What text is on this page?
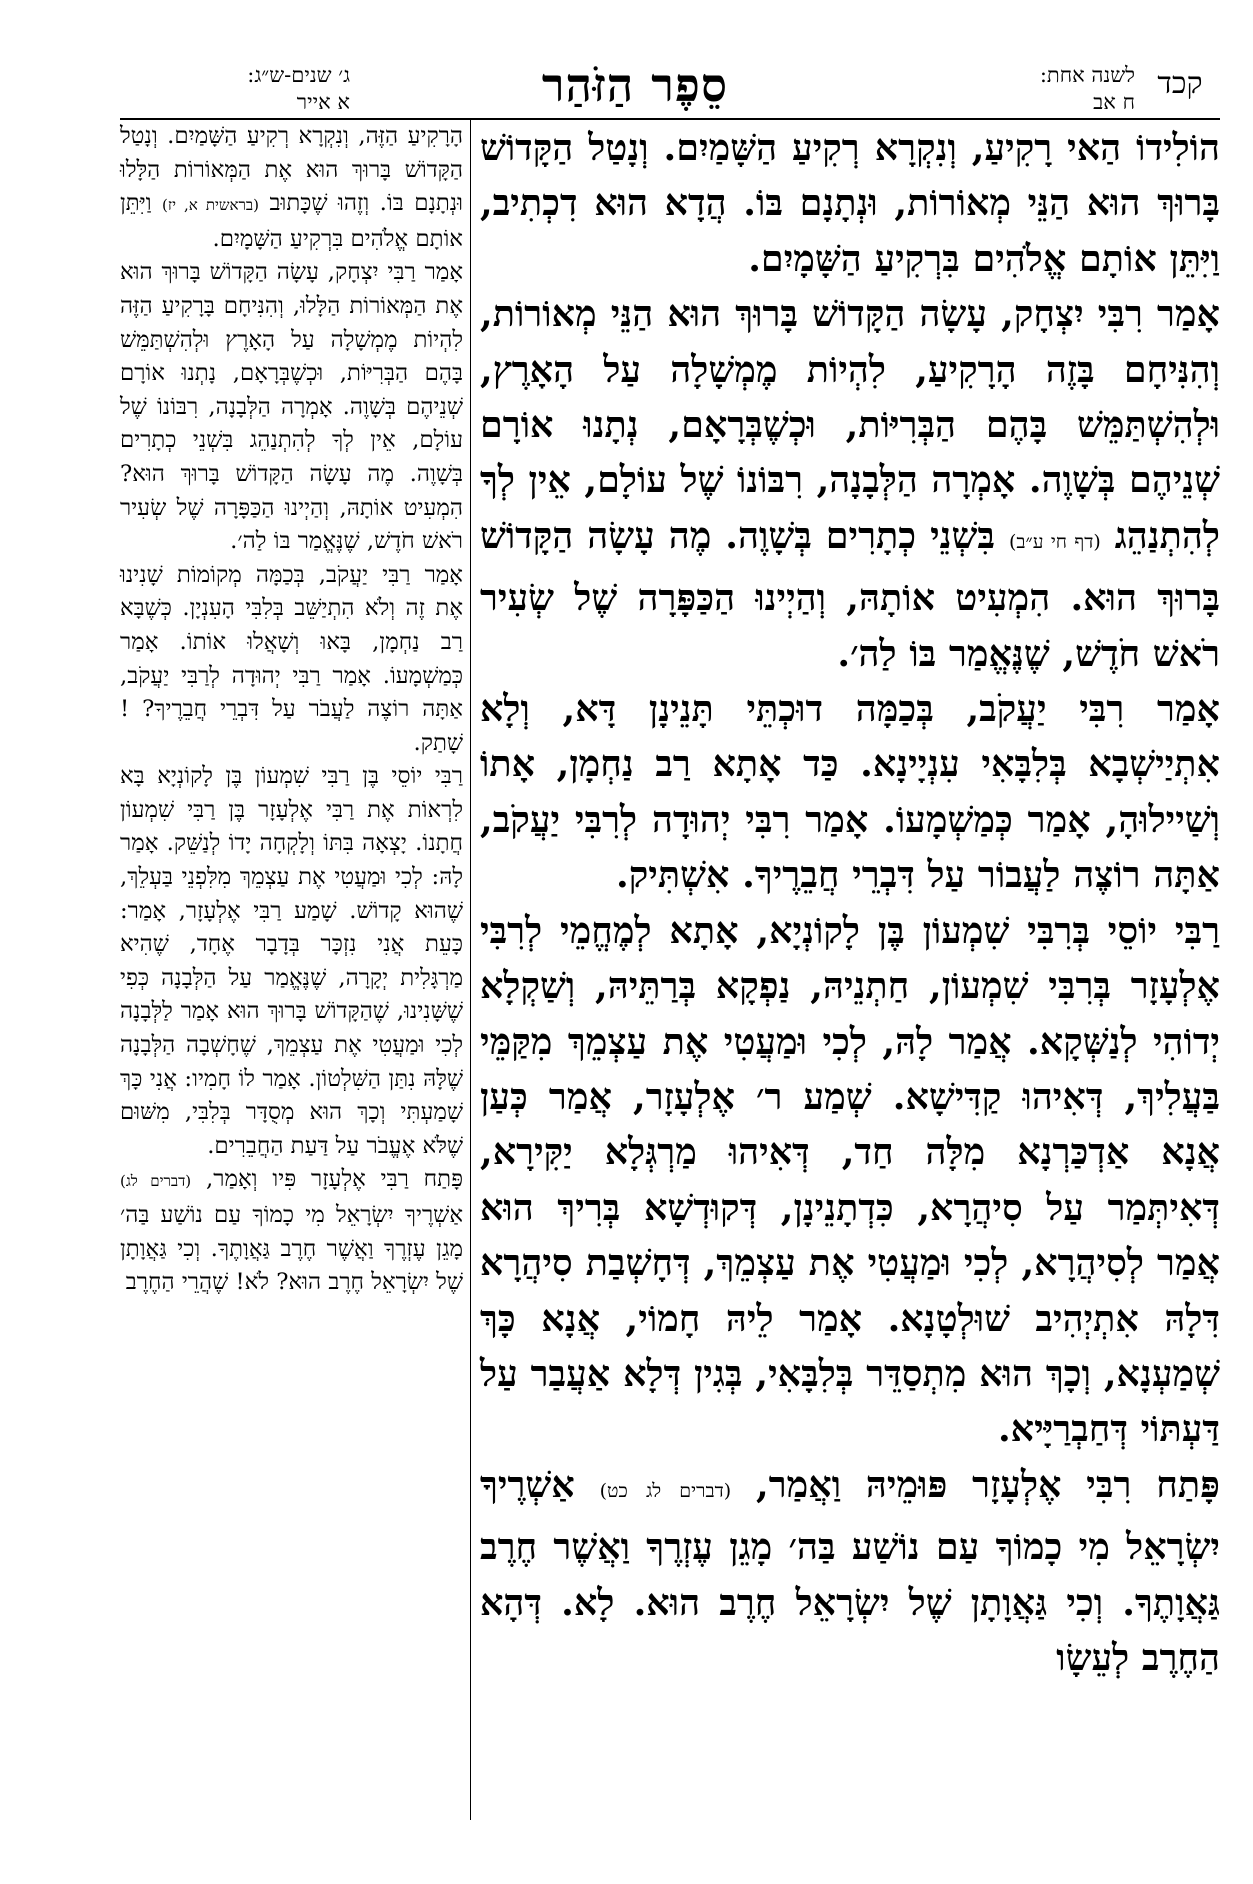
ג׳ שנים-ש״ג:
א אייר	סֵפֶר הַזֹּהַר	לשנה אחת:
ח אב
קכד

הוֹלִידוֹ הַאי רָקִיעַ, וְנִקְרָא רְקִיעַ הַשָּׁמַיִם. וְנָטַל הַקָּדוֹשׁ בָּרוּךְ הוּא הַנֵּי מְאוֹרוֹת, וּנְתָנָם בּוֹ. הֲדָא הוּא דִכְתִיב, וַיִּתֵּן אוֹתָם אֱלֹהִים בִּרְקִיעַ הַשָּׁמָיִם.

אָמַר רִבִּי יִצְחָק, עָשָׂה הַקָּדוֹשׁ בָּרוּךְ הוּא הַנֵּי מְאוֹרוֹת, וְהִנִּיחָם בָּזֶה הָרָקִיעַ, לִהְיוֹת מֶמְשָׁלָה עַל הָאָרֶץ, וּלְהִשְׁתַּמֵּשׁ בָּהֶם הַבְּרִיּוֹת, וּכְשֶׁבְּרָאָם, נְתָנוּ אוֹרָם שְׁנֵיהֶם בְּשָׁוֶה. אָמְרָה הַלְּבָנָה, רִבּוֹנוֹ שֶׁל עוֹלָם, אֵין לְךָ לְהִתְנַהֵג (דף חי ע״ב) בִּשְׁנֵי כְתָרִים בְּשָׁוֶה. מֶה עָשָׂה הַקָּדוֹשׁ בָּרוּךְ הוּא. הִמְעִיט אוֹתָהּ, וְהַיְינוּ הַכַּפָּרָה שֶׁל שְׂעִיר רֹאשׁ חֹדֶשׁ, שֶׁנֶּאֱמַר בּוֹ לַה׳.

אָמַר רִבִּי יַעֲקֹב, בְּכַמָּה דוּכְתֵּי תָּנֵינָן דָּא, וְלָא אִתְיַישְׁבָא בְּלִבָּאִי עִנְיָינָא. כַּד אָתָא רַב נַחְמָן, אָתוֹ וְשַׁיילוּהָ, אָמַר כְּמַשְׁמָעוֹ. אָמַר רִבִּי יְהוּדָה לְרִבִּי יַעֲקֹב, אַתָּה רוֹצֶה לַעֲבוֹר עַל דִּבְרֵי חֲבֵרֶיךָ. אִשְׁתִּיק.

רַבִּי יוֹסֵי בְּרִבִּי שִׁמְעוֹן בֶּן לָקוֹנְיָא, אָתָא לְמֶחֱמֵי לְרִבִּי אֶלְעָזָר בְּרִבִּי שִׁמְעוֹן, חַתְנֵיהּ, נַפְקָא בְּרַתֵּיהּ, וְשַׁקְלָא יְדוֹהִי לְנַשְּׁקָא. אֲמַר לָהּ, לְכִי וּמַעֲטִי אֶת עַצְמֵךְ מִקַּמֵּי בַּעֲלִיךְ, דְּאִיהוּ קַדִּישָׁא. שְׁמַע ר׳ אֶלְעָזָר, אֲמַר כְּעַן אֲנָא אַדְכַּרְנָא מִלָּה חַד, דְּאִיהוּ מַרְגְּלָא יַקִּירָא, דְּאִיתְּמַר עַל סִיהֲרָא, כִּדְתָנֵינָן, דְּקוּדְשָׁא בְּרִיךְ הוּא אֲמַר לְסִיהֲרָא, לְכִי וּמַעֲטִי אֶת עַצְמֵךְ, דְּחָשְׁבַת סִיהֲרָא דִּלָהּ אִתְיְהִיב שׁוּלְטָנָא. אָמַר לֵיהּ חָמוֹי, אֲנָא כָּךְ שְׁמַעְנָא, וְכָךְ הוּא מִתְסַדֵּר בְּלִבָּאִי, בְּגִין דְּלָא אַעֲבַר עַל דַּעְתּוֹי דְּחַבְרַיָּיא.

פָּתַח רִבִּי אֶלְעָזָר פּוּמֵיהּ וַאֲמַר, (דברים לג כט) אַשְׁרֶיךָ יִשְׂרָאֵל מִי כָמוֹךָ עַם נוֹשַׁע בַּה׳ מָגֵן עֶזְרֶךָ וַאֲשֶׁר חֶרֶב גַּאֲוָתֶךָ. וְכִי גַּאֲוָתָן שֶׁל יִשְׂרָאֵל חֶרֶב הוּא. לָא. דְּהָא הַחֶרֶב לְעֵשָׂו

הָרָקִיעַ הַזֶּה, וְנִקְרָא רְקִיעַ הַשָּׁמַיִם. וְנָטַל הַקָּדוֹשׁ בָּרוּךְ הוּא אֶת הַמְּאוֹרוֹת הַלָּלוּ וּנְתָנָם בּוֹ. וְזֶהוּ שֶׁכָּתוּב (בראשית א, יז) וַיִּתֵּן אוֹתָם אֱלֹהִים בִּרְקִיעַ הַשָּׁמָיִם.

אָמַר רַבִּי יִצְחָק, עָשָׂה הַקָּדוֹשׁ בָּרוּךְ הוּא אֶת הַמְּאוֹרוֹת הַלָּלוּ, וְהִנִּיחָם בָּרָקִיעַ הַזֶּה לִהְיוֹת מֶמְשָׁלָה עַל הָאָרֶץ וּלְהִשְׁתַּמֵּשׁ בָּהֶם הַבְּרִיּוֹת, וּכְשֶׁבְּרָאָם, נָתְנוּ אוֹרָם שְׁנֵיהֶם בְּשָׁוֶה. אָמְרָה הַלְּבָנָה, רִבּוֹנוֹ שֶׁל עוֹלָם, אֵין לְךָ לְהִתְנַהֵג בִּשְׁנֵי כְתָרִים בְּשָׁוֶה. מֶה עָשָׂה הַקָּדוֹשׁ בָּרוּךְ הוּא? הִמְעִיט אוֹתָהּ, וְהַיְינוּ הַכַּפָּרָה שֶׁל שְׂעִיר רֹאשׁ חֹדֶשׁ, שֶׁנֶּאֱמַר בּוֹ לַה׳.

אָמַר רַבִּי יַעֲקֹב, בְּכַמָּה מְקוֹמוֹת שָׁנִינוּ אֶת זֶה וְלֹא הִתְיַשֵּׁב בְּלִבִּי הָעִנְיָן. כְּשֶׁבָּא רַב נַחְמָן, בָּאוּ וְשָׁאֲלוּ אוֹתוֹ. אָמַר כְּמַשְׁמָעוֹ. אָמַר רַבִּי יְהוּדָה לְרַבִּי יַעֲקֹב, אַתָּה רוֹצֶה לַעֲבֹר עַל דִּבְרֵי חֲבֵרֶיךָ? ! שָׁתַק.

רַבִּי יוֹסֵי בֶּן רַבִּי שִׁמְעוֹן בֶּן לָקוֹנְיָא בָּא לִרְאוֹת אֶת רַבִּי אֶלְעָזָר בֶּן רַבִּי שִׁמְעוֹן חֲתָנוֹ. יָצְאָה בִּתּוֹ וְלָקְחָה יָדוֹ לְנַשֵּׁק. אָמַר לָהּ: לְכִי וּמַעֲטִי אֶת עַצְמֵךְ מִלִּפְנֵי בַּעְלֵךְ, שֶׁהוּא קָדוֹשׁ. שָׁמַע רַבִּי אֶלְעָזָר, אָמַר: כָּעֵת אֲנִי נִזְכָּר בְּדָבָר אֶחָד, שֶׁהִיא מַרְגָּלִית יְקָרָה, שֶׁנֶּאֱמַר עַל הַלְּבָנָה כְּפִי שֶׁשָּׁנִינוּ, שֶׁהַקָּדוֹשׁ בָּרוּךְ הוּא אָמַר לַלְּבָנָה לְכִי וּמַעֲטִי אֶת עַצְמֵךְ, שֶׁחָשְׁבָה הַלְּבָנָה שֶׁלָּהּ נִתַּן הַשִּׁלְטוֹן. אָמַר לוֹ חָמִיו: אֲנִי כָּךְ שָׁמַעְתִּי וְכָךְ הוּא מְסֻדָּר בְּלִבִּי, מִשּׁוּם שֶׁלֹּא אֶעֱבֹר עַל דַּעַת הַחֲבֵרִים.

פָּתַח רַבִּי אֶלְעָזָר פִּיו וְאָמַר, (דברים לג) אַשְׁרֶיךָ יִשְׂרָאֵל מִי כָמוֹךָ עַם נוֹשַׁע בַּה׳ מָגֵן עֶזְרֶךָ וַאֲשֶׁר חֶרֶב גַּאֲוָתֶךָ. וְכִי גַּאֲוָתָן שֶׁל יִשְׂרָאֵל חֶרֶב הוּא? לֹא! שֶׁהֲרֵי הַחֶרֶב
